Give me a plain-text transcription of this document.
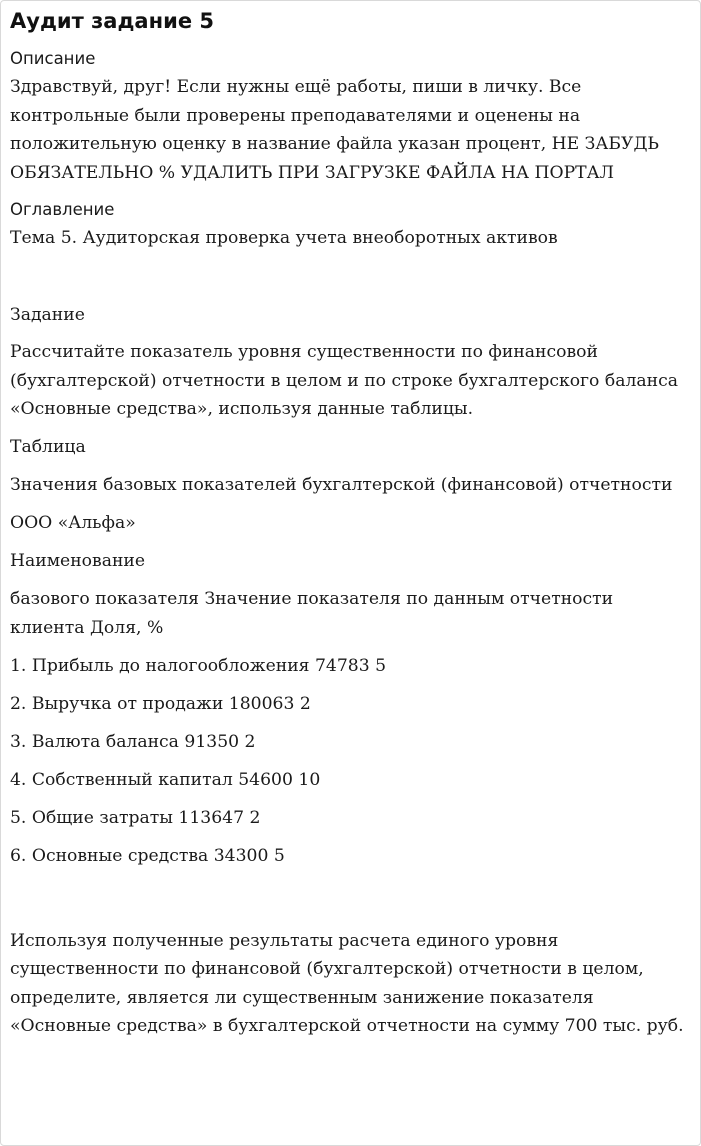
Аудит задание 5
Описание

Здравствуй, друг! Если нужны ещё работы, пиши в личку. Все контрольные были проверены преподавателями и оценены на положительную оценку в название файла указан процент, НЕ ЗАБУДЬ ОБЯЗАТЕЛЬНО % УДАЛИТЬ ПРИ ЗАГРУЗКЕ ФАЙЛА НА ПОРТАЛ

Оглавление

Тема 5. Аудиторская проверка учета внеоборотных активов

Задание

Рассчитайте показатель уровня существенности по финансовой (бухгалтерской) отчетности в целом и по строке бухгалтерского баланса «Основные средства», используя данные таблицы.

Таблица

Значения базовых показателей бухгалтерской (финансовой) отчетности

ООО «Альфа»

Наименование

базового показателя Значение показателя по данным отчетности клиента Доля, %

1. Прибыль до налогообложения 74783 5

2. Выручка от продажи 180063 2

3. Валюта баланса 91350 2

4. Собственный капитал 54600 10

5. Общие затраты 113647 2

6. Основные средства 34300 5

Используя полученные результаты расчета единого уровня существенности по финансовой (бухгалтерской) отчетности в целом, определите, является ли существенным занижение показателя «Основные средства» в бухгалтерской отчетности на сумму 700 тыс. руб.
